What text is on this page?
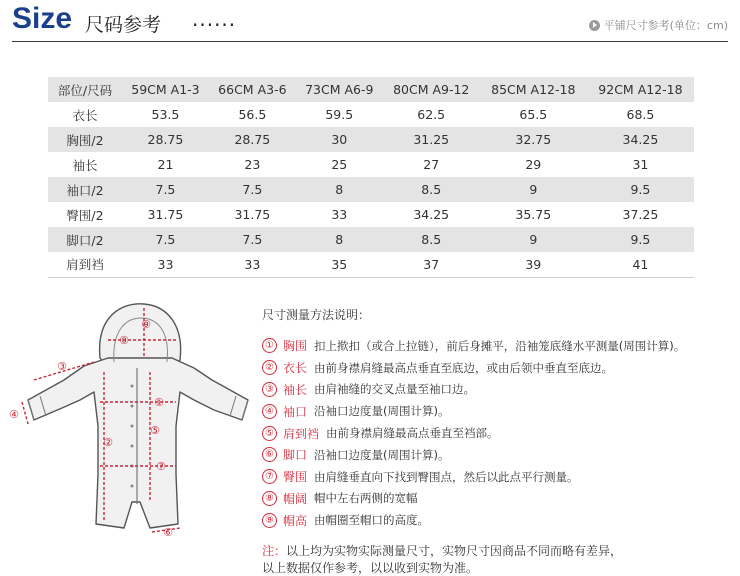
Size 尺码参考 ......	平铺尺寸参考(单位：cm)
部位/尺码	59CM A1-3	66CM A3-6	73CM A6-9	80CM A9-12	85CM A12-18	92CM A12-18
衣长	53.5	56.5	59.5	62.5	65.5	68.5
胸围/2	28.75	28.75	30	31.25	32.75	34.25
袖长	21	23	25	27	29	31
袖口/2	7.5	7.5	8	8.5	9	9.5
臀围/2	31.75	31.75	33	34.25	35.75	37.25
脚口/2	7.5	7.5	8	8.5	9	9.5
肩到裆	33	33	35	37	39	41
⑨
⑧
③
①
④
⑤
②
⑦
⑥
尺寸测量方法说明：
① 胸围 扣上揿扣（或合上拉链），前后身摊平，沿袖笼底缝水平测量(周围计算)。
② 衣长 由前身襟肩缝最高点垂直至底边，或由后领中垂直至底边。
③ 袖长 由肩袖缝的交叉点量至袖口边。
④ 袖口 沿袖口边度量(周围计算)。
⑤ 肩到裆 由前身襟肩缝最高点垂直至裆部。
⑥ 脚口 沿袖口边度量(周围计算)。
⑦ 臀围 由肩缝垂直向下找到臀围点，然后以此点平行测量。
⑧ 帽阔 帽中左右两侧的宽幅
⑨ 帽高 由帽圈至帽口的高度。
注：以上均为实物实际测量尺寸，实物尺寸因商品不同而略有差异，
以上数据仅作参考，以以收到实物为准。
